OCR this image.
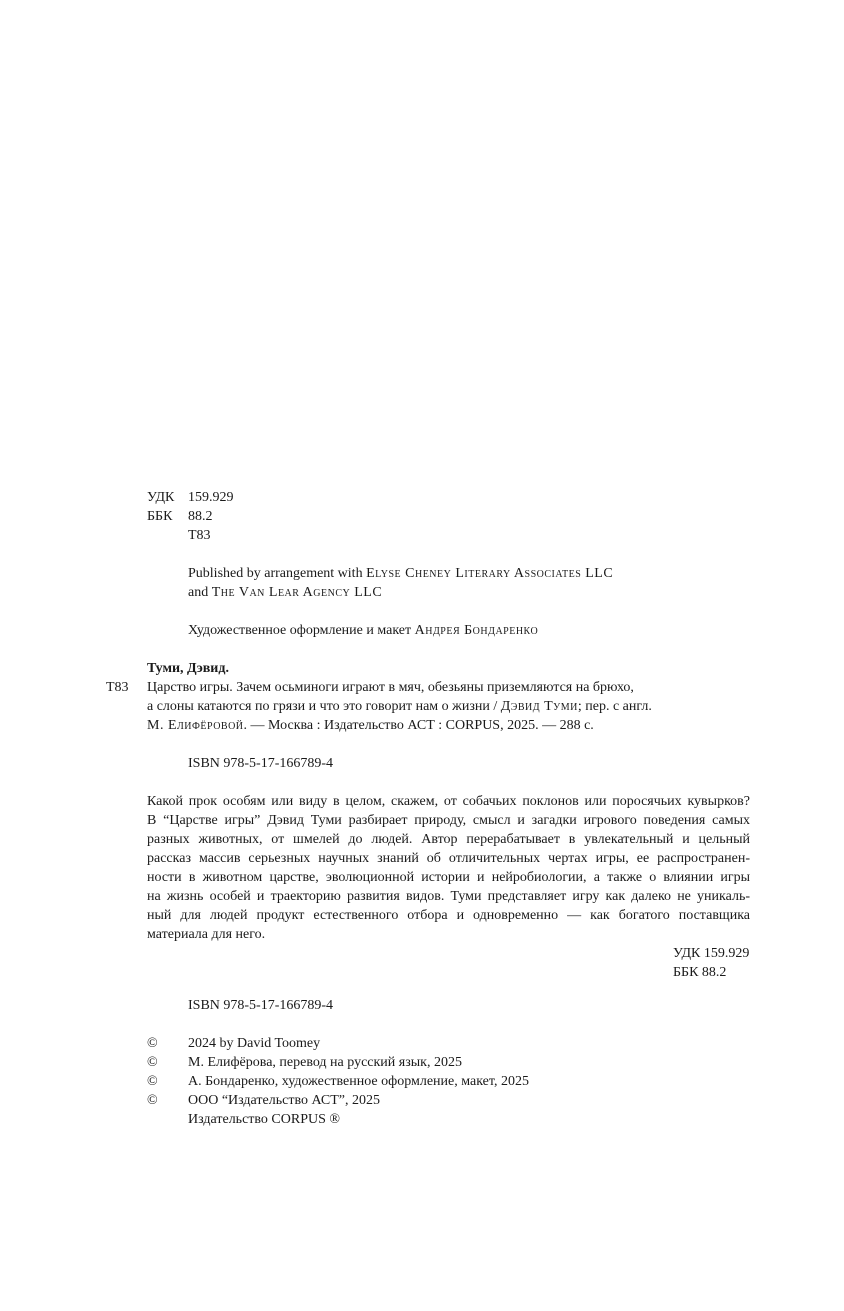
УДК 159.929
ББК 88.2
Т83
Published by arrangement with Elyse Cheney Literary Associates LLC
and The Van Lear Agency LLC
Художественное оформление и макет Андрея Бондаренко
Туми, Дэвид.
Т83 Царство игры. Зачем осьминоги играют в мяч, обезьяны приземляются на брюхо,
а слоны катаются по грязи и что это говорит нам о жизни / Дэвид Туми; пер. с англ.
М. Елифёровой. — Москва : Издательство АСТ : CORPUS, 2025. — 288 с.
ISBN 978-5-17-166789-4
Какой прок особям или виду в целом, скажем, от собачьих поклонов или поросячьих кувырков?
В “Царстве игры” Дэвид Туми разбирает природу, смысл и загадки игрового поведения самых
разных животных, от шмелей до людей. Автор перерабатывает в увлекательный и цельный
рассказ массив серьезных научных знаний об отличительных чертах игры, ее распространен-
ности в животном царстве, эволюционной истории и нейробиологии, а также о влиянии игры
на жизнь особей и траекторию развития видов. Туми представляет игру как далеко не уникаль-
ный для людей продукт естественного отбора и одновременно — как богатого поставщика
материала для него.
УДК 159.929
ББК 88.2
ISBN 978-5-17-166789-4
© 2024 by David Toomey
© М. Елифёрова, перевод на русский язык, 2025
© А. Бондаренко, художественное оформление, макет, 2025
© ООО “Издательство АСТ”, 2025
Издательство CORPUS ®
